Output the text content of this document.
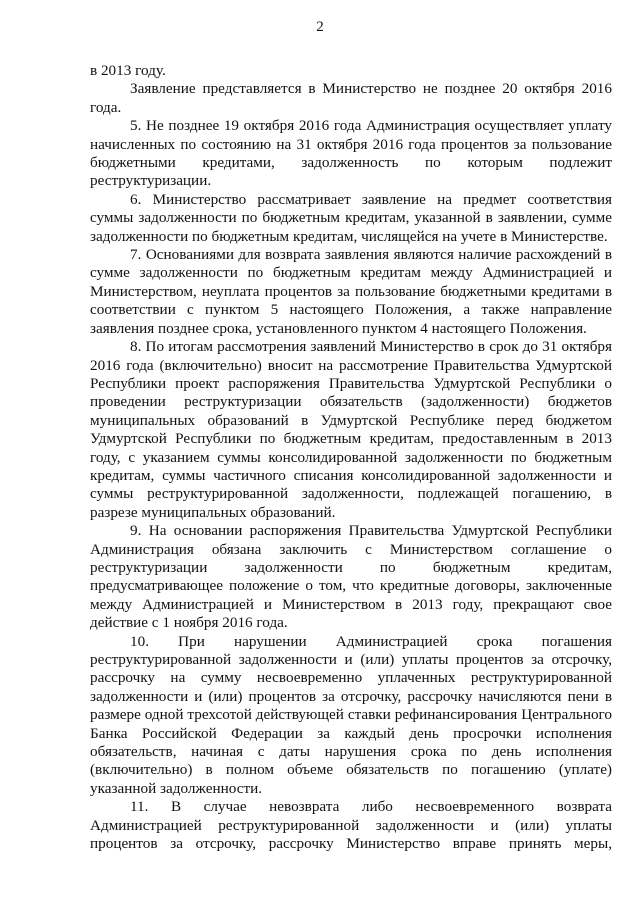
2

в 2013 году.

Заявление представляется в Министерство не позднее 20 октября 2016 года.

5. Не позднее 19 октября 2016 года Администрация осуществляет уплату начисленных по состоянию на 31 октября 2016 года процентов за пользование бюджетными кредитами, задолженность по которым подлежит реструктуризации.

6. Министерство рассматривает заявление на предмет соответствия суммы задолженности по бюджетным кредитам, указанной в заявлении, сумме задолженности по бюджетным кредитам, числящейся на учете в Министерстве.

7. Основаниями для возврата заявления являются наличие расхождений в сумме задолженности по бюджетным кредитам между Администрацией и Министерством, неуплата процентов за пользование бюджетными кредитами в соответствии с пунктом 5 настоящего Положения, а также направление заявления позднее срока, установленного пунктом 4 настоящего Положения.

8. По итогам рассмотрения заявлений Министерство в срок до 31 октября 2016 года (включительно) вносит на рассмотрение Правительства Удмуртской Республики проект распоряжения Правительства Удмуртской Республики о проведении реструктуризации обязательств (задолженности) бюджетов муниципальных образований в Удмуртской Республике перед бюджетом Удмуртской Республики по бюджетным кредитам, предоставленным в 2013 году, с указанием суммы консолидированной задолженности по бюджетным кредитам, суммы частичного списания консолидированной задолженности и суммы реструктурированной задолженности, подлежащей погашению, в разрезе муниципальных образований.

9. На основании распоряжения Правительства Удмуртской Республики Администрация обязана заключить с Министерством соглашение о реструктуризации задолженности по бюджетным кредитам, предусматривающее положение о том, что кредитные договоры, заключенные между Администрацией и Министерством в 2013 году, прекращают свое действие с 1 ноября 2016 года.

10. При нарушении Администрацией срока погашения реструктурированной задолженности и (или) уплаты процентов за отсрочку, рассрочку на сумму несвоевременно уплаченных реструктурированной задолженности и (или) процентов за отсрочку, рассрочку начисляются пени в размере одной трехсотой действующей ставки рефинансирования Центрального Банка Российской Федерации за каждый день просрочки исполнения обязательств, начиная с даты нарушения срока по день исполнения (включительно) в полном объеме обязательств по погашению (уплате) указанной задолженности.

11. В случае невозврата либо несвоевременного возврата Администрацией реструктурированной задолженности и (или) уплаты процентов за отсрочку, рассрочку Министерство вправе принять меры,
